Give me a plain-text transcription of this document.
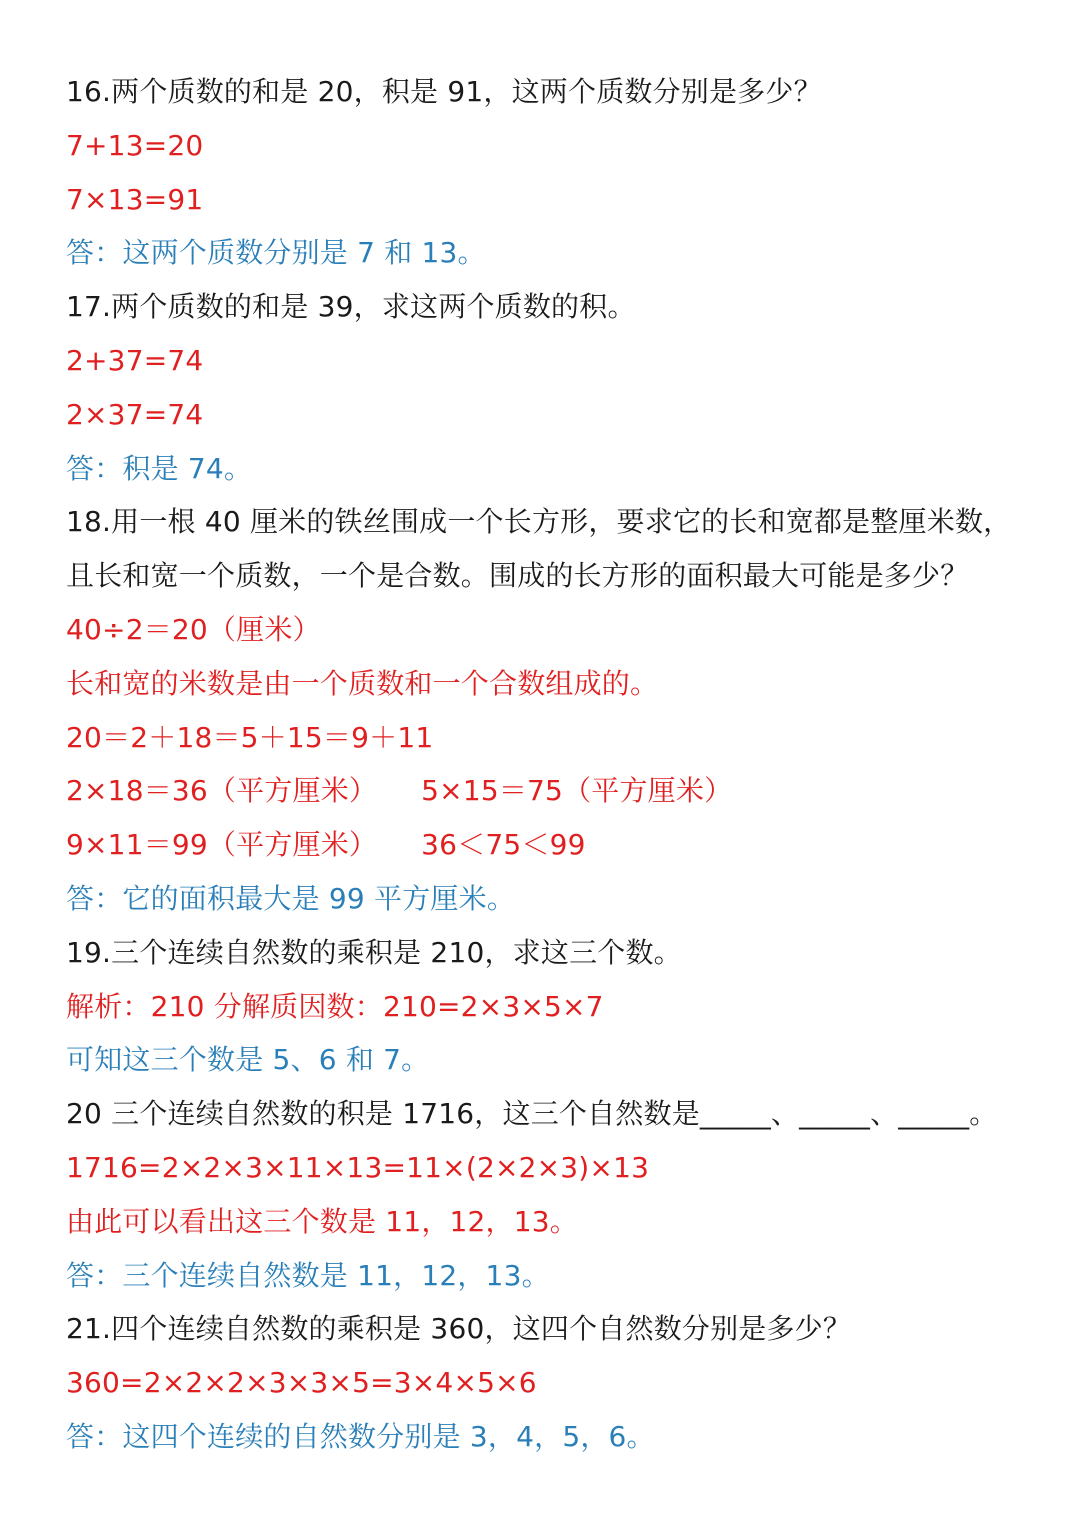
16.两个质数的和是 20，积是 91，这两个质数分别是多少？
7+13=20
7×13=91
答：这两个质数分别是 7 和 13。
17.两个质数的和是 39，求这两个质数的积。
2+37=74
2×37=74
答：积是 74。
18.用一根 40 厘米的铁丝围成一个长方形，要求它的长和宽都是整厘米数，
且长和宽一个质数，一个是合数。围成的长方形的面积最大可能是多少？
40÷2＝20（厘米）
长和宽的米数是由一个质数和一个合数组成的。
20＝2＋18＝5＋15＝9＋11
2×18＝36（平方厘米） 5×15＝75（平方厘米）
9×11＝99（平方厘米） 36＜75＜99
答：它的面积最大是 99 平方厘米。
19.三个连续自然数的乘积是 210，求这三个数。
解析：210 分解质因数：210=2×3×5×7
可知这三个数是 5、6 和 7。
20 三个连续自然数的积是 1716，这三个自然数是_____、_____、_____。
1716=2×2×3×11×13=11×(2×2×3)×13
由此可以看出这三个数是 11，12，13。
答：三个连续自然数是 11，12，13。
21.四个连续自然数的乘积是 360，这四个自然数分别是多少？
360=2×2×2×3×3×5=3×4×5×6
答：这四个连续的自然数分别是 3，4，5，6。
